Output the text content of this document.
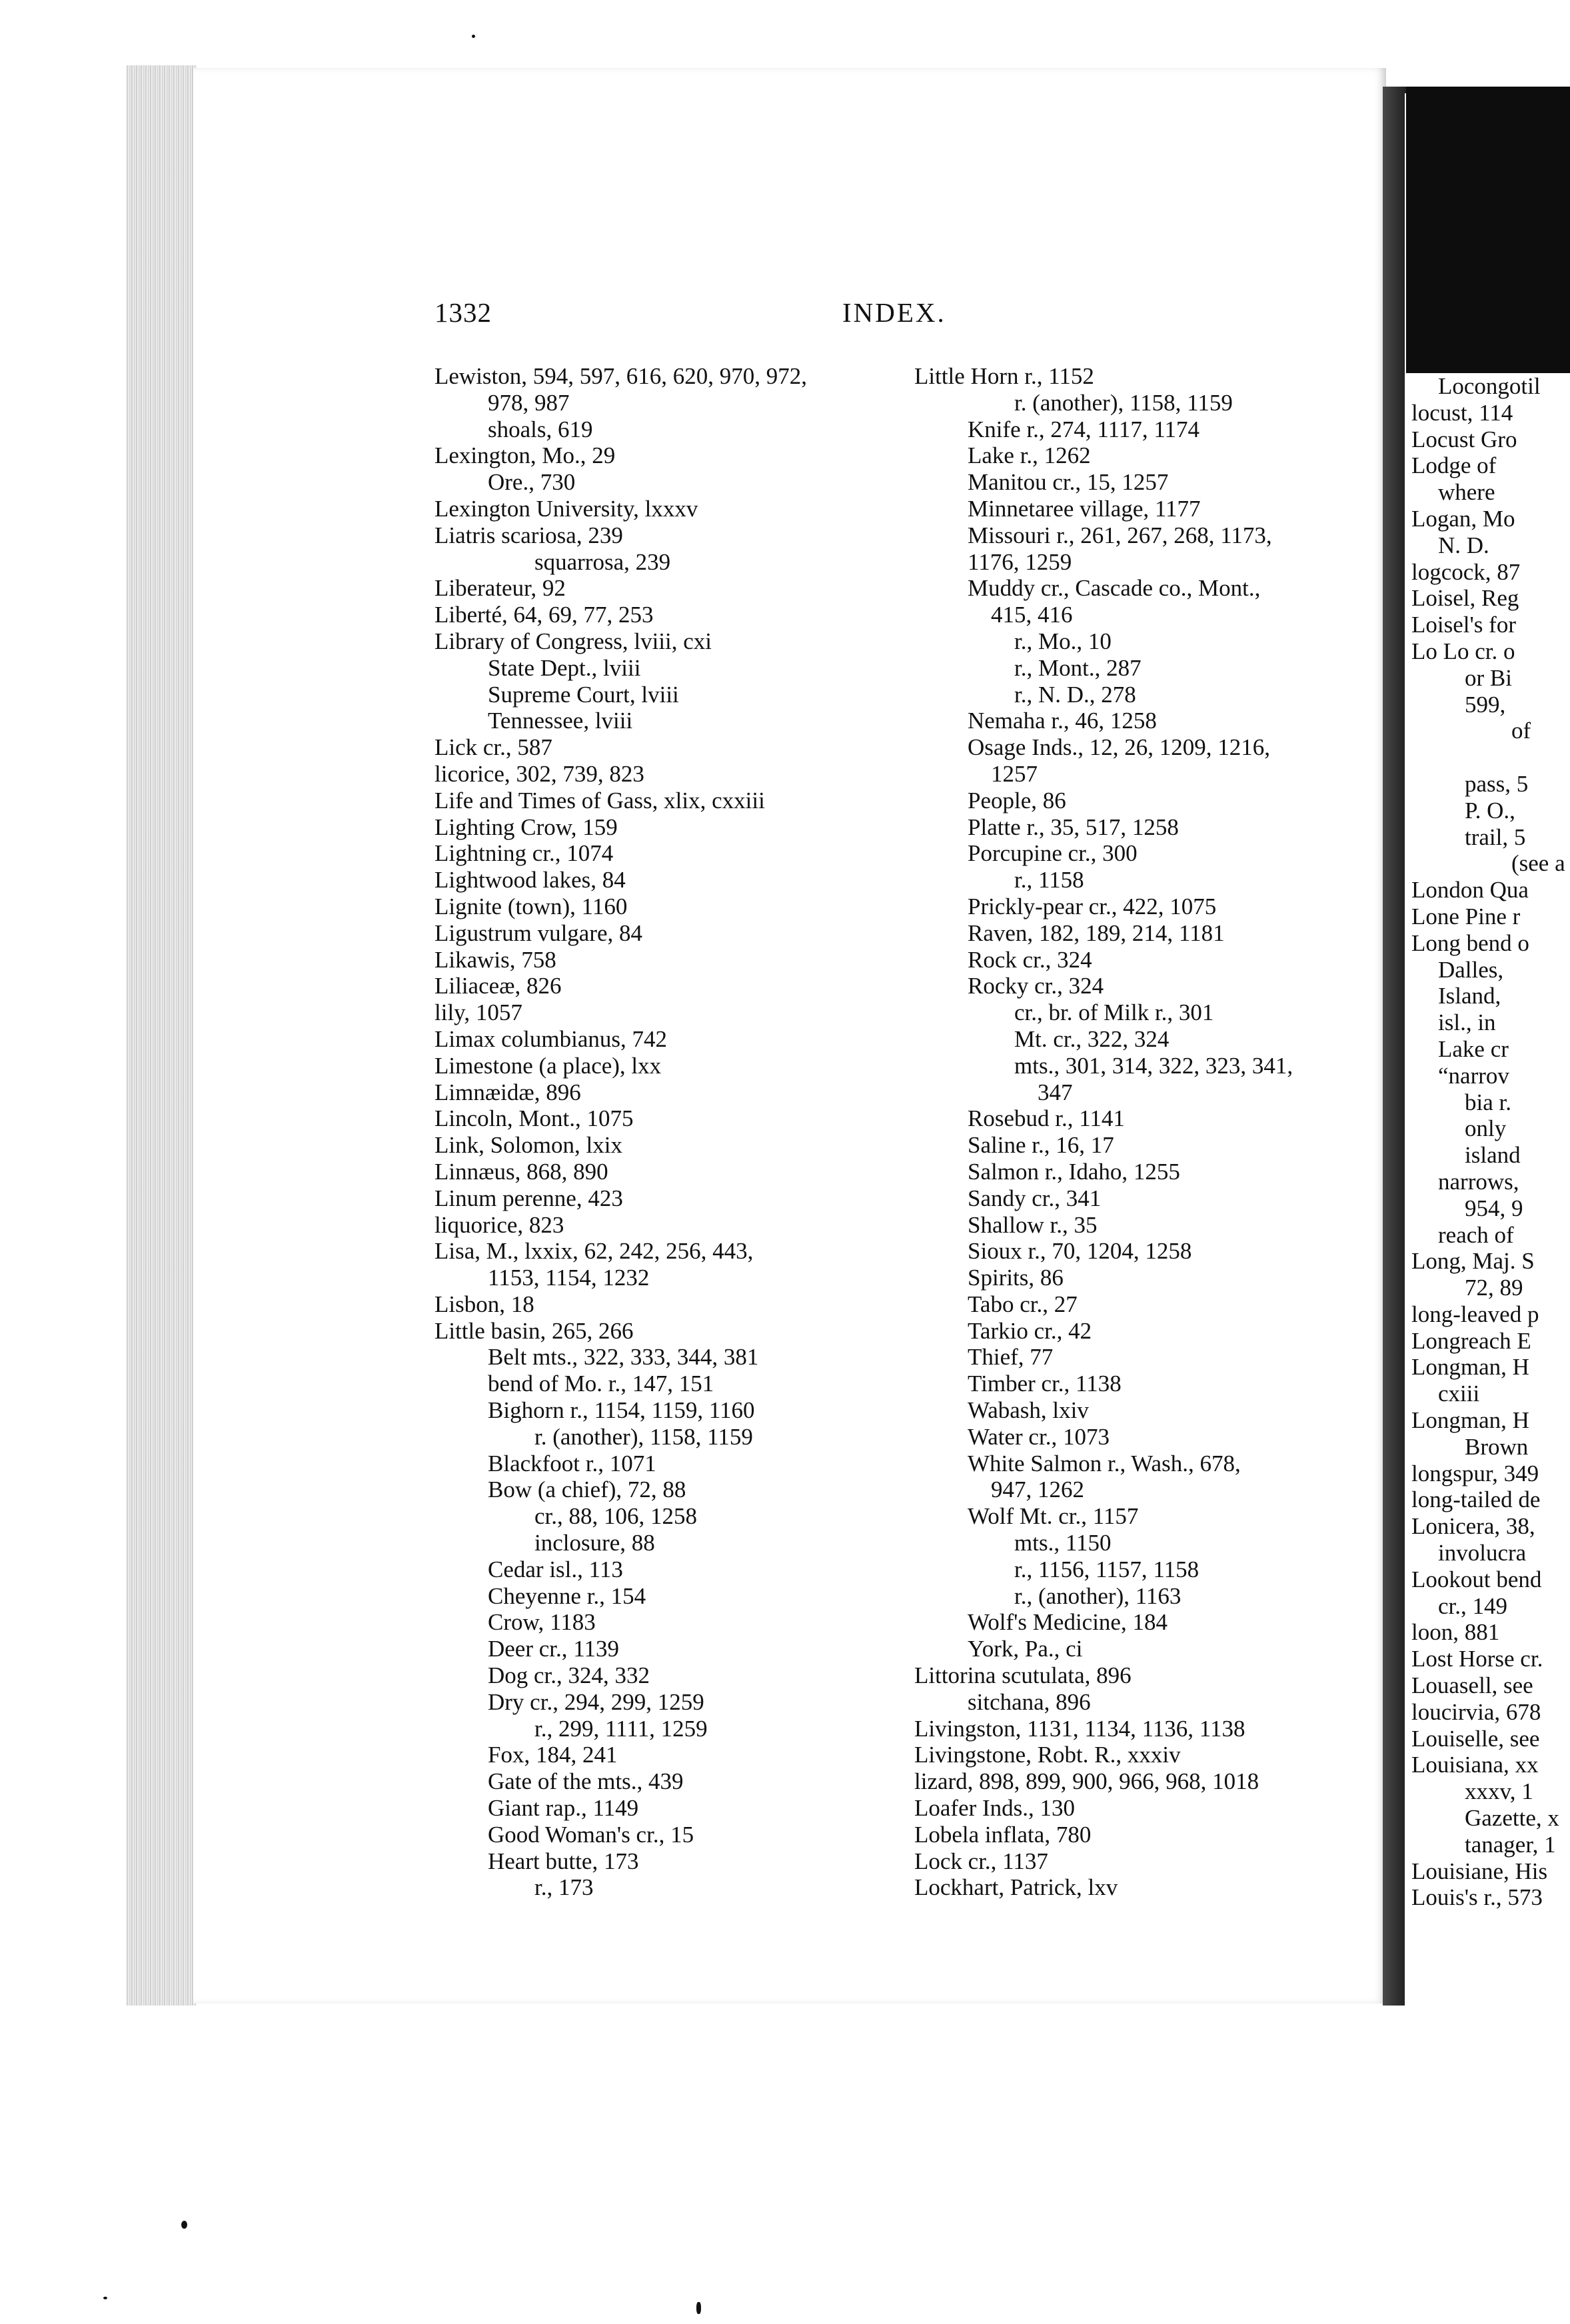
1332	INDEX.
Lewiston, 594, 597, 616, 620, 970, 972,
978, 987
shoals, 619
Lexington, Mo., 29
Ore., 730
Lexington University, lxxxv
Liatris scariosa, 239
squarrosa, 239
Liberateur, 92
Liberté, 64, 69, 77, 253
Library of Congress, lviii, cxi
State Dept., lviii
Supreme Court, lviii
Tennessee, lviii
Lick cr., 587
licorice, 302, 739, 823
Life and Times of Gass, xlix, cxxiii
Lighting Crow, 159
Lightning cr., 1074
Lightwood lakes, 84
Lignite (town), 1160
Ligustrum vulgare, 84
Likawis, 758
Liliaceæ, 826
lily, 1057
Limax columbianus, 742
Limestone (a place), lxx
Limnæidæ, 896
Lincoln, Mont., 1075
Link, Solomon, lxix
Linnæus, 868, 890
Linum perenne, 423
liquorice, 823
Lisa, M., lxxix, 62, 242, 256, 443,
1153, 1154, 1232
Lisbon, 18
Little basin, 265, 266
Belt mts., 322, 333, 344, 381
bend of Mo. r., 147, 151
Bighorn r., 1154, 1159, 1160
r. (another), 1158, 1159
Blackfoot r., 1071
Bow (a chief), 72, 88
cr., 88, 106, 1258
inclosure, 88
Cedar isl., 113
Cheyenne r., 154
Crow, 1183
Deer cr., 1139
Dog cr., 324, 332
Dry cr., 294, 299, 1259
r., 299, 1111, 1259
Fox, 184, 241
Gate of the mts., 439
Giant rap., 1149
Good Woman's cr., 15
Heart butte, 173
r., 173
Little Horn r., 1152
r. (another), 1158, 1159
Knife r., 274, 1117, 1174
Lake r., 1262
Manitou cr., 15, 1257
Minnetaree village, 1177
Missouri r., 261, 267, 268, 1173,
1176, 1259
Muddy cr., Cascade co., Mont.,
415, 416
r., Mo., 10
r., Mont., 287
r., N. D., 278
Nemaha r., 46, 1258
Osage Inds., 12, 26, 1209, 1216,
1257
People, 86
Platte r., 35, 517, 1258
Porcupine cr., 300
r., 1158
Prickly-pear cr., 422, 1075
Raven, 182, 189, 214, 1181
Rock cr., 324
Rocky cr., 324
cr., br. of Milk r., 301
Mt. cr., 322, 324
mts., 301, 314, 322, 323, 341,
347
Rosebud r., 1141
Saline r., 16, 17
Salmon r., Idaho, 1255
Sandy cr., 341
Shallow r., 35
Sioux r., 70, 1204, 1258
Spirits, 86
Tabo cr., 27
Tarkio cr., 42
Thief, 77
Timber cr., 1138
Wabash, lxiv
Water cr., 1073
White Salmon r., Wash., 678,
947, 1262
Wolf Mt. cr., 1157
mts., 1150
r., 1156, 1157, 1158
r., (another), 1163
Wolf's Medicine, 184
York, Pa., ci
Littorina scutulata, 896
sitchana, 896
Livingston, 1131, 1134, 1136, 1138
Livingstone, Robt. R., xxxiv
lizard, 898, 899, 900, 966, 968, 1018
Loafer Inds., 130
Lobela inflata, 780
Lock cr., 1137
Lockhart, Patrick, lxv
Locongotil
locust, 114
Locust Gro
Lodge of
where
Logan, Mo
N. D.
logcock, 87
Loisel, Reg
Loisel's for
Lo Lo cr. o
or Bi
599,
of
pass, 5
P. O.,
trail, 5
(see a
London Qua
Lone Pine r
Long bend o
Dalles,
Island,
isl., in
Lake cr
“narrov
bia r.
only
island
narrows,
954, 9
reach of
Long, Maj. S
72, 89
long-leaved p
Longreach E
Longman, H
cxiii
Longman, H
Brown
longspur, 349
long-tailed de
Lonicera, 38,
involucra
Lookout bend
cr., 149
loon, 881
Lost Horse cr.
Louasell, see
loucirvia, 678
Louiselle, see
Louisiana, xx
xxxv, 1
Gazette, x
tanager, 1
Louisiane, His
Louis's r., 573
